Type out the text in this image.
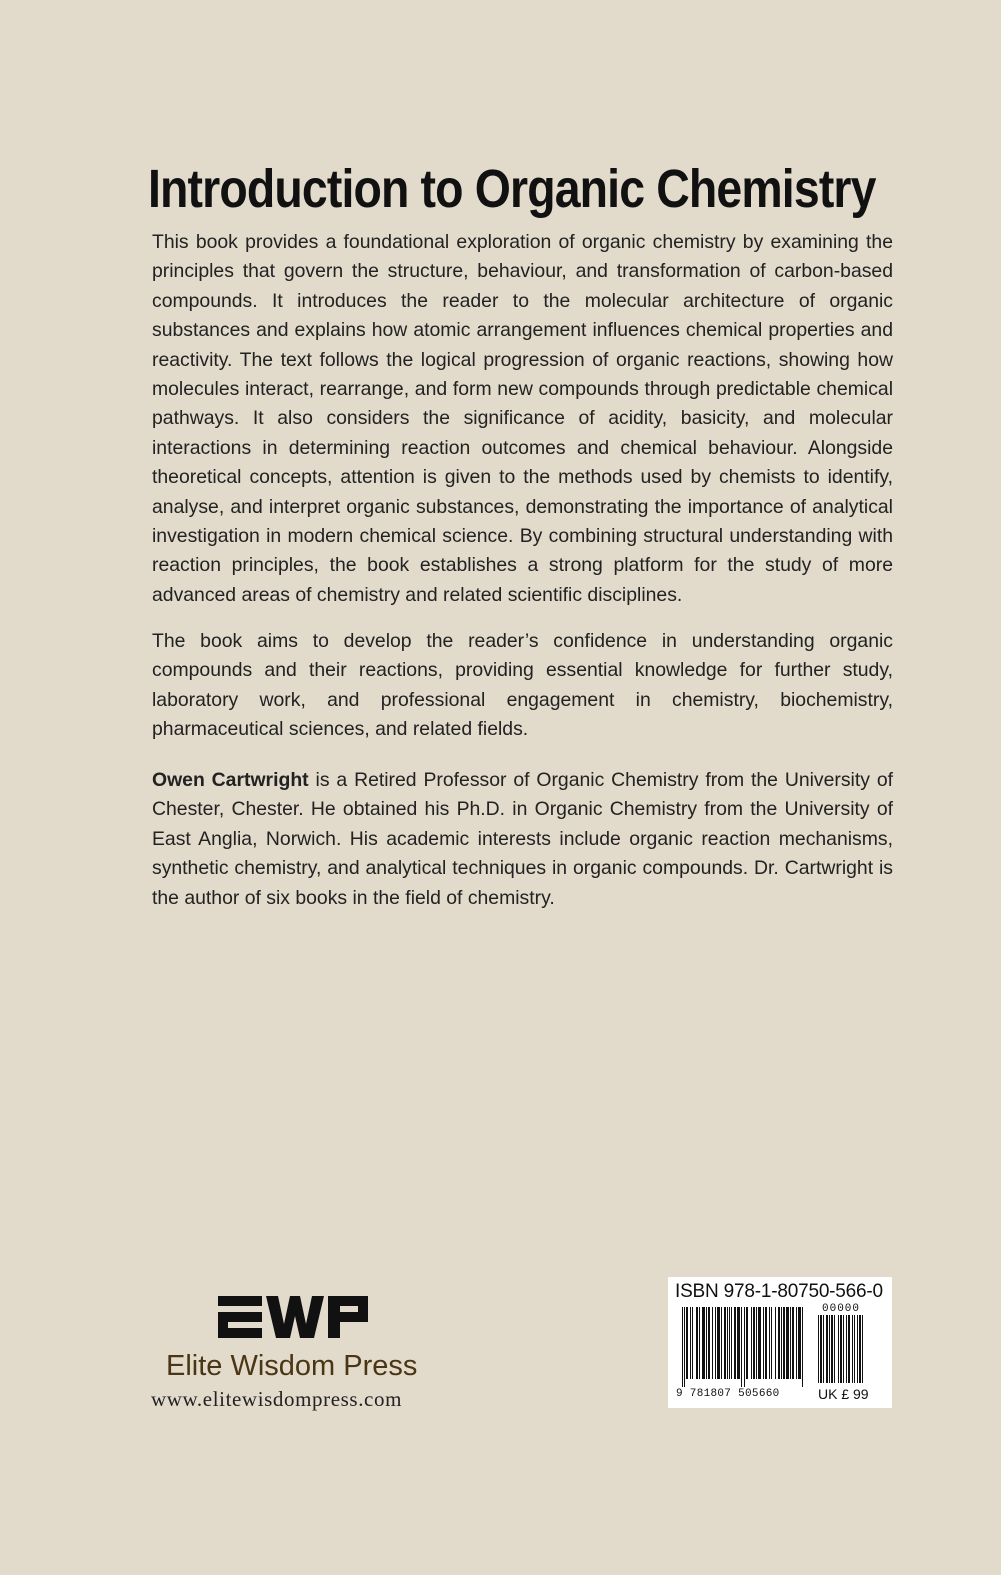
Introduction to Organic Chemistry

This book provides a foundational exploration of organic chemistry by examining the principles that govern the structure, behaviour, and transformation of carbon-based compounds. It introduces the reader to the molecular architecture of organic substances and explains how atomic arrangement influences chemical properties and reactivity. The text follows the logical progression of organic reactions, showing how molecules interact, rearrange, and form new compounds through predictable chemical pathways. It also considers the significance of acidity, basicity, and molecular interactions in determining reaction outcomes and chemical behaviour. Alongside theoretical concepts, attention is given to the methods used by chemists to identify, analyse, and interpret organic substances, demonstrating the importance of analytical investigation in modern chemical science. By combining structural understanding with reaction principles, the book establishes a strong platform for the study of more advanced areas of chemistry and related scientific disciplines.

The book aims to develop the reader’s confidence in understanding organic compounds and their reactions, providing essential knowledge for further study, laboratory work, and professional engagement in chemistry, biochemistry, pharmaceutical sciences, and related fields.

Owen Cartwright is a Retired Professor of Organic Chemistry from the University of Chester, Chester. He obtained his Ph.D. in Organic Chemistry from the University of East Anglia, Norwich. His academic interests include organic reaction mechanisms, synthetic chemistry, and analytical techniques in organic compounds. Dr. Cartwright is the author of six books in the field of chemistry.

Elite Wisdom Press
www.elitewisdompress.com
ISBN 978-1-80750-566-0
00000
9 781807 505660	UK £ 99
